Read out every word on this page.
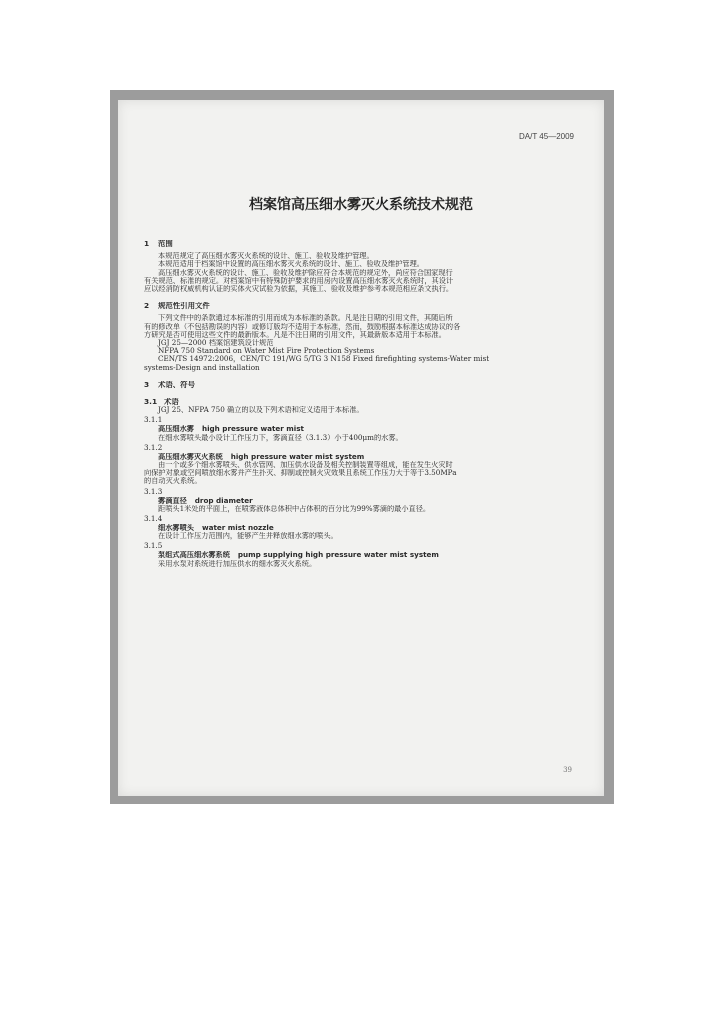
DA/T 45—2009
档案馆高压细水雾灭火系统技术规范
1 范围
本规范规定了高压细水雾灭火系统的设计、施工、验收及维护管理。
本规范适用于档案馆中设置的高压细水雾灭火系统的设计、施工、验收及维护管理。
高压细水雾灭火系统的设计、施工、验收及维护除应符合本规范的规定外，尚应符合国家现行
有关规范、标准的规定。对档案馆中有特殊防护要求的用房内设置高压细水雾灭火系统时，其设计
应以经消防权威机构认证的实体火灾试验为依据，其施工、验收及维护参考本规范相应条文执行。
2 规范性引用文件
下列文件中的条款通过本标准的引用而成为本标准的条款。凡是注日期的引用文件，其随后所
有的修改单（不包括勘误的内容）或修订版均不适用于本标准，然而，鼓励根据本标准达成协议的各
方研究是否可使用这些文件的最新版本。凡是不注日期的引用文件，其最新版本适用于本标准。
JGJ 25—2000 档案馆建筑设计规范
NFPA 750 Standard on Water Mist Fire Protection Systems
CEN/TS 14972:2006，CEN/TC 191/WG 5/TG 3 N158 Fixed firefighting systems-Water mist
systems-Design and installation
3 术语、符号
3.1 术语
JGJ 25、NFPA 750 确立的以及下列术语和定义适用于本标准。
3.1.1
高压细水雾 high pressure water mist
在细水雾喷头最小设计工作压力下，雾滴直径（3.1.3）小于400μm的水雾。
3.1.2
高压细水雾灭火系统 high pressure water mist system
由一个或多个细水雾喷头、供水管网、加压供水设备及相关控制装置等组成，能在发生火灾时
向保护对象或空间喷放细水雾并产生扑灭、抑制或控制火灾效果且系统工作压力大于等于3.50MPa
的自动灭火系统。
3.1.3
雾滴直径 drop diameter
距喷头1米处的平面上，在喷雾液体总体积中占体积的百分比为99%雾滴的最小直径。
3.1.4
细水雾喷头 water mist nozzle
在设计工作压力范围内，能够产生并释放细水雾的喷头。
3.1.5
泵组式高压细水雾系统 pump supplying high pressure water mist system
采用水泵对系统进行加压供水的细水雾灭火系统。
39
